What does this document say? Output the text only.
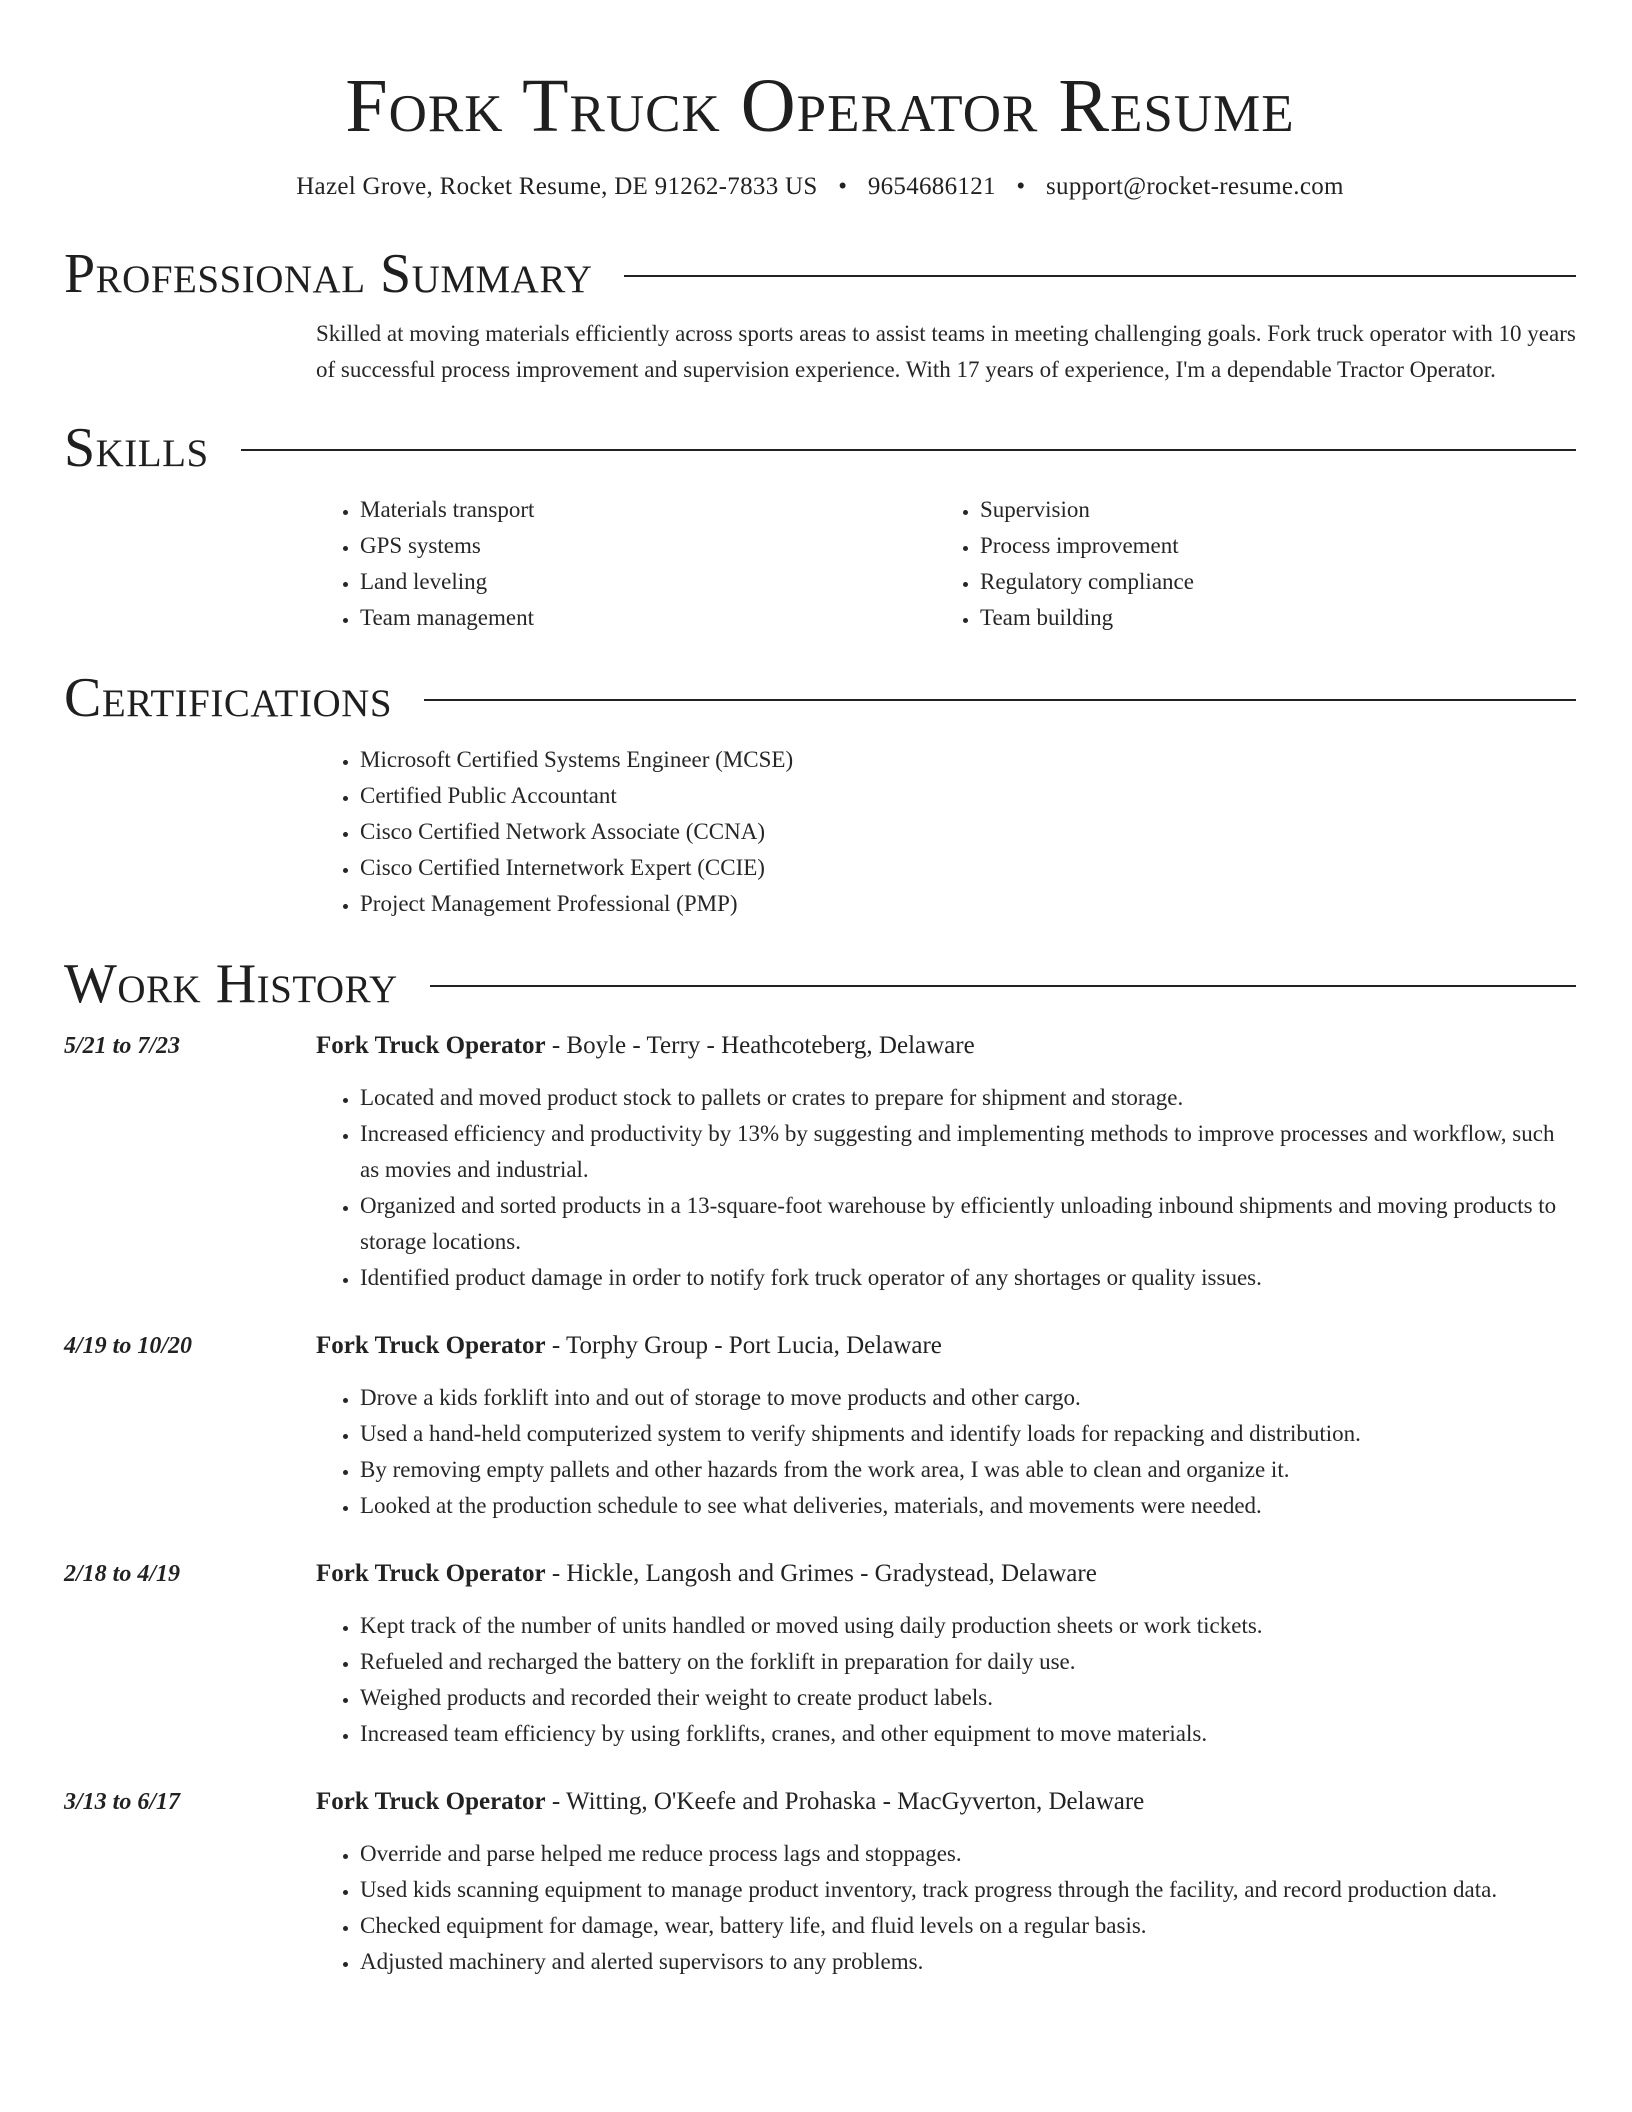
Fork Truck Operator Resume
Hazel Grove, Rocket Resume, DE 91262-7833 US • 9654686121 • support@rocket-resume.com
Professional Summary

Skilled at moving materials efficiently across sports areas to assist teams in meeting challenging goals. Fork truck operator with 10 years of successful process improvement and supervision experience. With 17 years of experience, I'm a dependable Tractor Operator.

Skills
• Materials transport
• GPS systems
• Land leveling
• Team management
• Supervision
• Process improvement
• Regulatory compliance
• Team building
Certifications
• Microsoft Certified Systems Engineer (MCSE)
• Certified Public Accountant
• Cisco Certified Network Associate (CCNA)
• Cisco Certified Internetwork Expert (CCIE)
• Project Management Professional (PMP)
Work History
5/21 to 7/23	Fork Truck Operator - Boyle - Terry - Heathcoteberg, Delaware
• Located and moved product stock to pallets or crates to prepare for shipment and storage.
• Increased efficiency and productivity by 13% by suggesting and implementing methods to improve processes and workflow, such as movies and industrial.
• Organized and sorted products in a 13-square-foot warehouse by efficiently unloading inbound shipments and moving products to storage locations.
• Identified product damage in order to notify fork truck operator of any shortages or quality issues.
4/19 to 10/20	Fork Truck Operator - Torphy Group - Port Lucia, Delaware
• Drove a kids forklift into and out of storage to move products and other cargo.
• Used a hand-held computerized system to verify shipments and identify loads for repacking and distribution.
• By removing empty pallets and other hazards from the work area, I was able to clean and organize it.
• Looked at the production schedule to see what deliveries, materials, and movements were needed.
2/18 to 4/19	Fork Truck Operator - Hickle, Langosh and Grimes - Gradystead, Delaware
• Kept track of the number of units handled or moved using daily production sheets or work tickets.
• Refueled and recharged the battery on the forklift in preparation for daily use.
• Weighed products and recorded their weight to create product labels.
• Increased team efficiency by using forklifts, cranes, and other equipment to move materials.
3/13 to 6/17	Fork Truck Operator - Witting, O'Keefe and Prohaska - MacGyverton, Delaware
• Override and parse helped me reduce process lags and stoppages.
• Used kids scanning equipment to manage product inventory, track progress through the facility, and record production data.
• Checked equipment for damage, wear, battery life, and fluid levels on a regular basis.
• Adjusted machinery and alerted supervisors to any problems.
